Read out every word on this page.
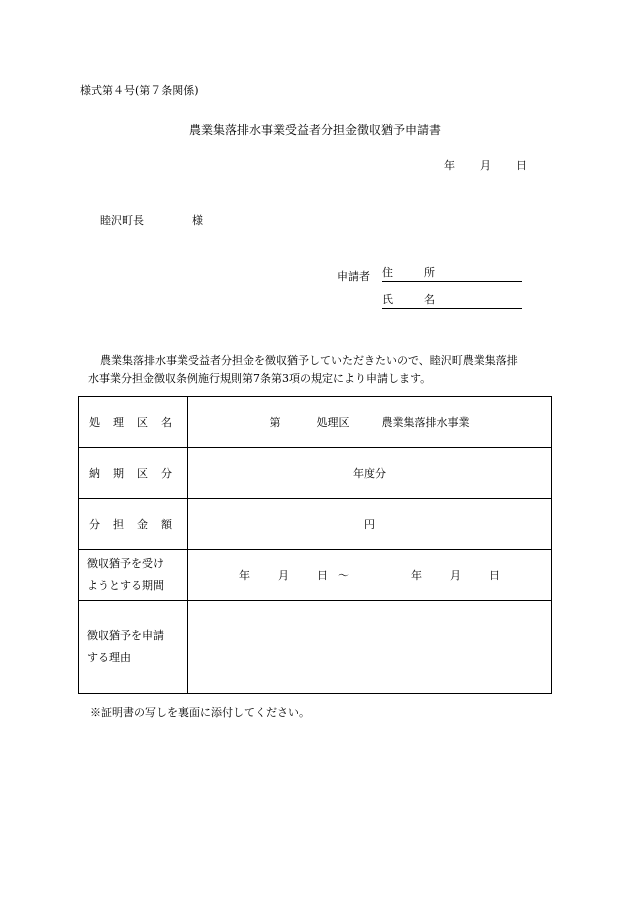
様式第４号(第７条関係)
農業集落排水事業受益者分担金徴収猶予申請書
年 月 日
睦沢町長	様
申請者 住　所
氏　名

農業集落排水事業受益者分担金を徴収猶予していただきたいので、睦沢町農業集落排

水事業分担金徴収条例施行規則第7条第3項の規定により申請します。

処理区名	第 処理区 農業集落排水事業
納期区分	年度分
分担金額	円

徴収猶予を受け
ようとする期間	年 月 日 ～ 年 月 日

徴収猶予を申請
する理由	

※証明書の写しを裏面に添付してください。
